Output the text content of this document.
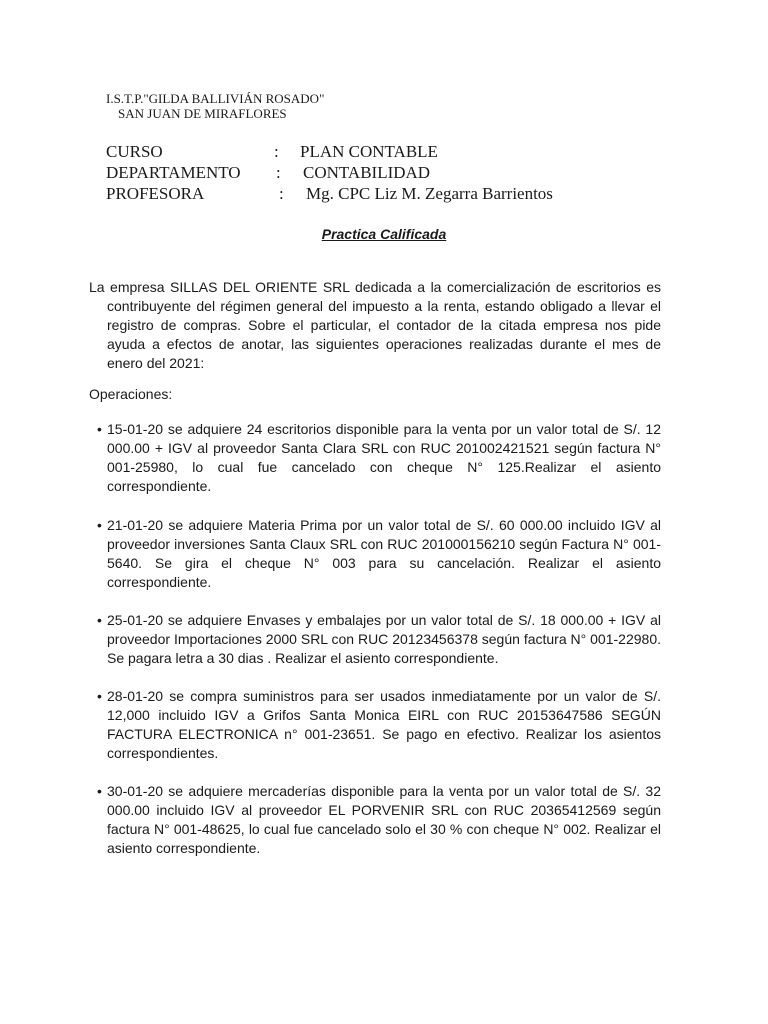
I.S.T.P."GILDA BALLIVIÁN ROSADO"
SAN JUAN DE MIRAFLORES
CURSO	: PLAN CONTABLE
DEPARTAMENTO : CONTABILIDAD
PROFESORA	: Mg. CPC Liz M. Zegarra Barrientos
Practica Calificada
La empresa SILLAS DEL ORIENTE SRL dedicada a la comercialización de escritorios es contribuyente del régimen general del impuesto a la renta, estando obligado a llevar el registro de compras. Sobre el particular, el contador de la citada empresa nos pide ayuda a efectos de anotar, las siguientes operaciones realizadas durante el mes de enero del 2021:
Operaciones:
• 15-01-20 se adquiere 24 escritorios disponible para la venta por un valor total de S/. 12 000.00 + IGV al proveedor Santa Clara SRL con RUC 201002421521 según factura N° 001-25980, lo cual fue cancelado con cheque N° 125.Realizar el asiento correspondiente.
• 21-01-20 se adquiere Materia Prima por un valor total de S/. 60 000.00 incluido IGV al proveedor inversiones Santa Claux SRL con RUC 201000156210 según Factura N° 001-5640. Se gira el cheque N° 003 para su cancelación. Realizar el asiento correspondiente.
• 25-01-20 se adquiere Envases y embalajes por un valor total de S/. 18 000.00 + IGV al proveedor Importaciones 2000 SRL con RUC 20123456378 según factura N° 001-22980. Se pagara letra a 30 dias . Realizar el asiento correspondiente.
• 28-01-20 se compra suministros para ser usados inmediatamente por un valor de S/. 12,000 incluido IGV a Grifos Santa Monica EIRL con RUC 20153647586 SEGÚN FACTURA ELECTRONICA n° 001-23651. Se pago en efectivo. Realizar los asientos correspondientes.
• 30-01-20 se adquiere mercaderías disponible para la venta por un valor total de S/. 32 000.00 incluido IGV al proveedor EL PORVENIR SRL con RUC 20365412569 según factura N° 001-48625, lo cual fue cancelado solo el 30 % con cheque N° 002. Realizar el asiento correspondiente.
